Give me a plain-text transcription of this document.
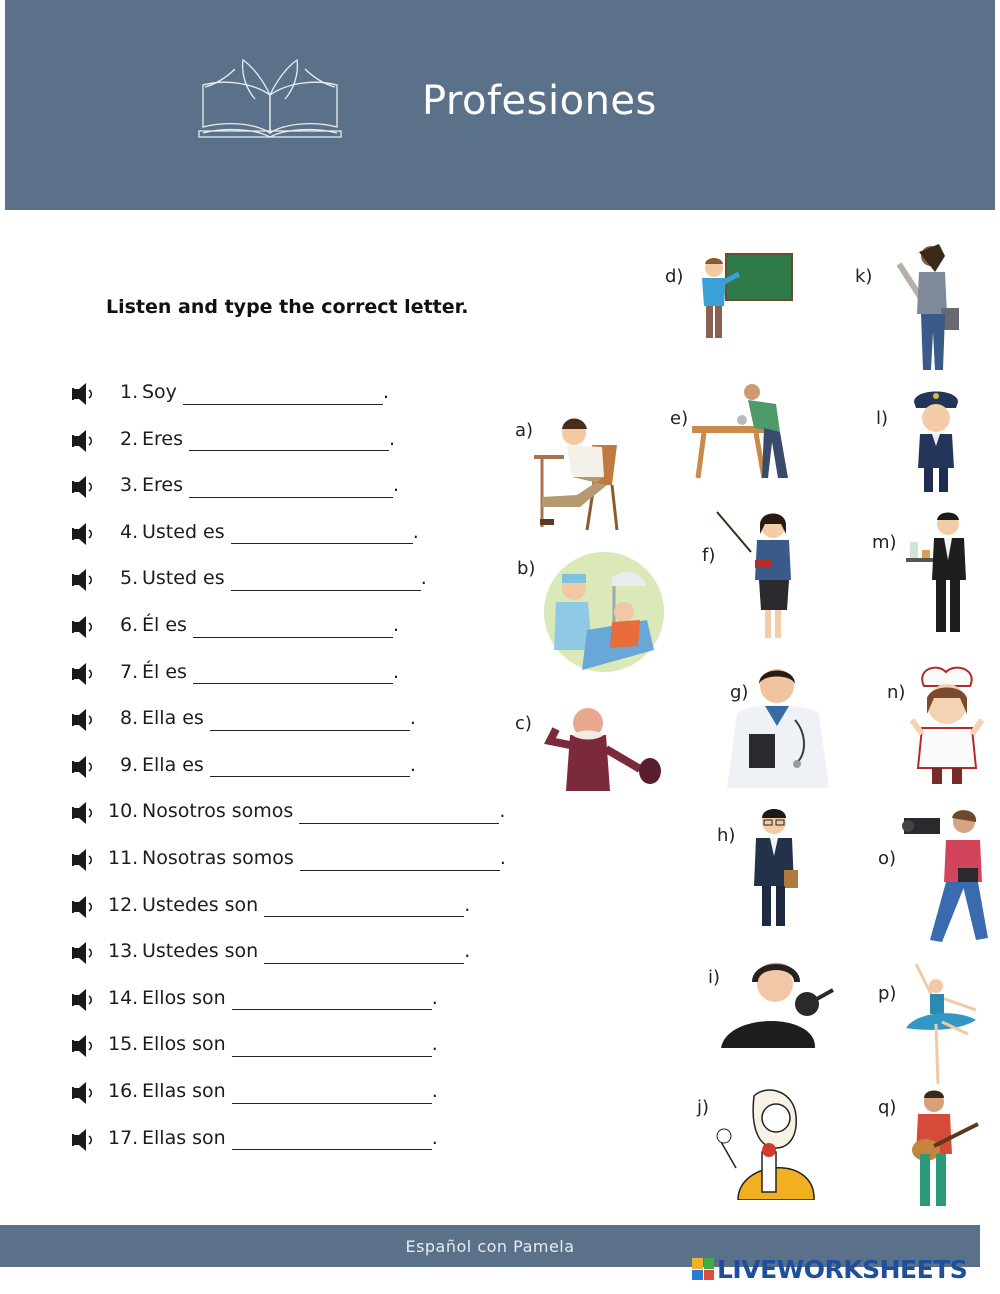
Profesiones
Listen and type the correct letter.
1. Soy	.
2. Eres	.
3. Eres	.
4. Usted es	.
5. Usted es	.
6. Él es	.
7. Él es	.
8. Ella es	.
9. Ella es	.
10. Nosotros somos	.
11. Nosotras somos	.
12. Ustedes son	.
13. Ustedes son	.
14. Ellos son	.
15. Ellos son	.
16. Ellas son	.
17. Ellas son	.
a)
b)
c)
d)
e)
f)
g)
h)
i)
j)
k)
l)
m)
n)
o)
p)
q)
Español con Pamela
LIVEWORKSHEETS
